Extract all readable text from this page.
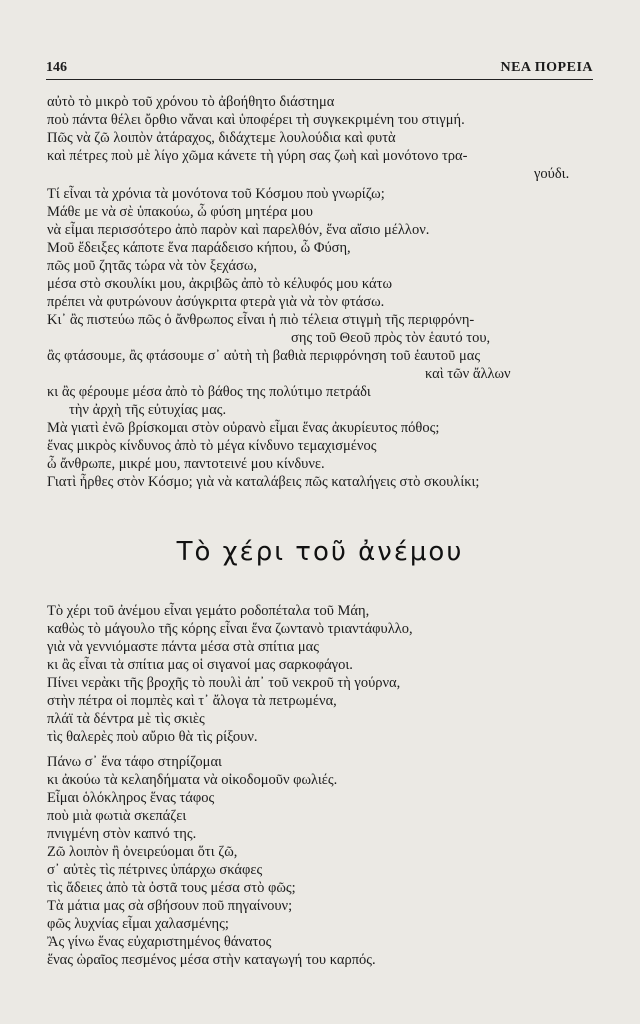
146	ΝΕΑ ΠΟΡΕΙΑ
αὐτὸ τὸ μικρὸ τοῦ χρόνου τὸ ἀβοήθητο διάστημα
ποὺ πάντα θέλει ὄρθιο νἄναι καὶ ὑποφέρει τὴ συγκεκριμένη του στιγμή.
Πῶς νὰ ζῶ λοιπὸν ἀτάραχος, διδάχτεμε λουλούδια καὶ φυτὰ
καὶ πέτρες ποὺ μὲ λίγο χῶμα κάνετε τὴ γύρη σας ζωὴ καὶ μονότονο τρα-
γούδι.
Τί εἶναι τὰ χρόνια τὰ μονότονα τοῦ Κόσμου ποὺ γνωρίζω;
Μάθε με νὰ σὲ ὑπακούω, ὦ φύση μητέρα μου
νὰ εἶμαι περισσότερο ἀπὸ παρὸν καὶ παρελθόν, ἕνα αἴσιο μέλλον.
Μοῦ ἔδειξες κάποτε ἕνα παράδεισο κήπου, ὦ Φύση,
πῶς μοῦ ζητᾶς τώρα νὰ τὸν ξεχάσω,
μέσα στὸ σκουλίκι μου, ἀκριβῶς ἀπὸ τὸ κέλυφός μου κάτω
πρέπει νὰ φυτρώνουν ἀσύγκριτα φτερὰ γιὰ νὰ τὸν φτάσω.
Κι᾽ ἂς πιστεύω πῶς ὁ ἄνθρωπος εἶναι ἡ πιὸ τέλεια στιγμὴ τῆς περιφρόνη-
σης τοῦ Θεοῦ πρὸς τὸν ἑαυτό του,
ἂς φτάσουμε, ἂς φτάσουμε σ᾽ αὐτὴ τὴ βαθιὰ περιφρόνηση τοῦ ἑαυτοῦ μας
καὶ τῶν ἄλλων
κι ἂς φέρουμε μέσα ἀπὸ τὸ βάθος της πολύτιμο πετράδι
τὴν ἀρχὴ τῆς εὐτυχίας μας.
Μὰ γιατὶ ἐνῶ βρίσκομαι στὸν οὐρανὸ εἶμαι ἕνας ἀκυρίευτος πόθος;
ἕνας μικρὸς κίνδυνος ἀπὸ τὸ μέγα κίνδυνο τεμαχισμένος
ὦ ἄνθρωπε, μικρέ μου, παντοτεινέ μου κίνδυνε.
Γιατὶ ἦρθες στὸν Κόσμο; γιὰ νὰ καταλάβεις πῶς καταλήγεις στὸ σκουλίκι;
Τὸ χέρι τοῦ ἀνέμου
Τὸ χέρι τοῦ ἀνέμου εἶναι γεμάτο ροδοπέταλα τοῦ Μάη,
καθὼς τὸ μάγουλο τῆς κόρης εἶναι ἕνα ζωντανὸ τριαντάφυλλο,
γιὰ νὰ γεννιόμαστε πάντα μέσα στὰ σπίτια μας
κι ἂς εἶναι τὰ σπίτια μας οἱ σιγανοί μας σαρκοφάγοι.
Πίνει νερὰκι τῆς βροχῆς τὸ πουλὶ ἀπ᾽ τοῦ νεκροῦ τὴ γούρνα,
στὴν πέτρα οἱ πομπὲς καὶ τ᾽ ἄλογα τὰ πετρωμένα,
πλάϊ τὰ δέντρα μὲ τὶς σκιὲς
τὶς θαλερὲς ποὺ αὔριο θὰ τὶς ρίξουν.
Πάνω σ᾽ ἕνα τάφο στηρίζομαι
κι ἀκούω τὰ κελαηδήματα νὰ οἰκοδομοῦν φωλιές.
Εἶμαι ὁλόκληρος ἕνας τάφος
ποὺ μιὰ φωτιὰ σκεπάζει
πνιγμένη στὸν καπνό της.
Ζῶ λοιπὸν ἢ ὀνειρεύομαι ὅτι ζῶ,
σ᾽ αὐτὲς τὶς πέτρινες ὑπάρχω σκάφες
τὶς ἄδειες ἀπὸ τὰ ὀστᾶ τους μέσα στὸ φῶς;
Τὰ μάτια μας σὰ σβήσουν ποῦ πηγαίνουν;
φῶς λυχνίας εἶμαι χαλασμένης;
Ἂς γίνω ἕνας εὐχαριστημένος θάνατος
ἕνας ὡραῖος πεσμένος μέσα στὴν καταγωγή του καρπός.
